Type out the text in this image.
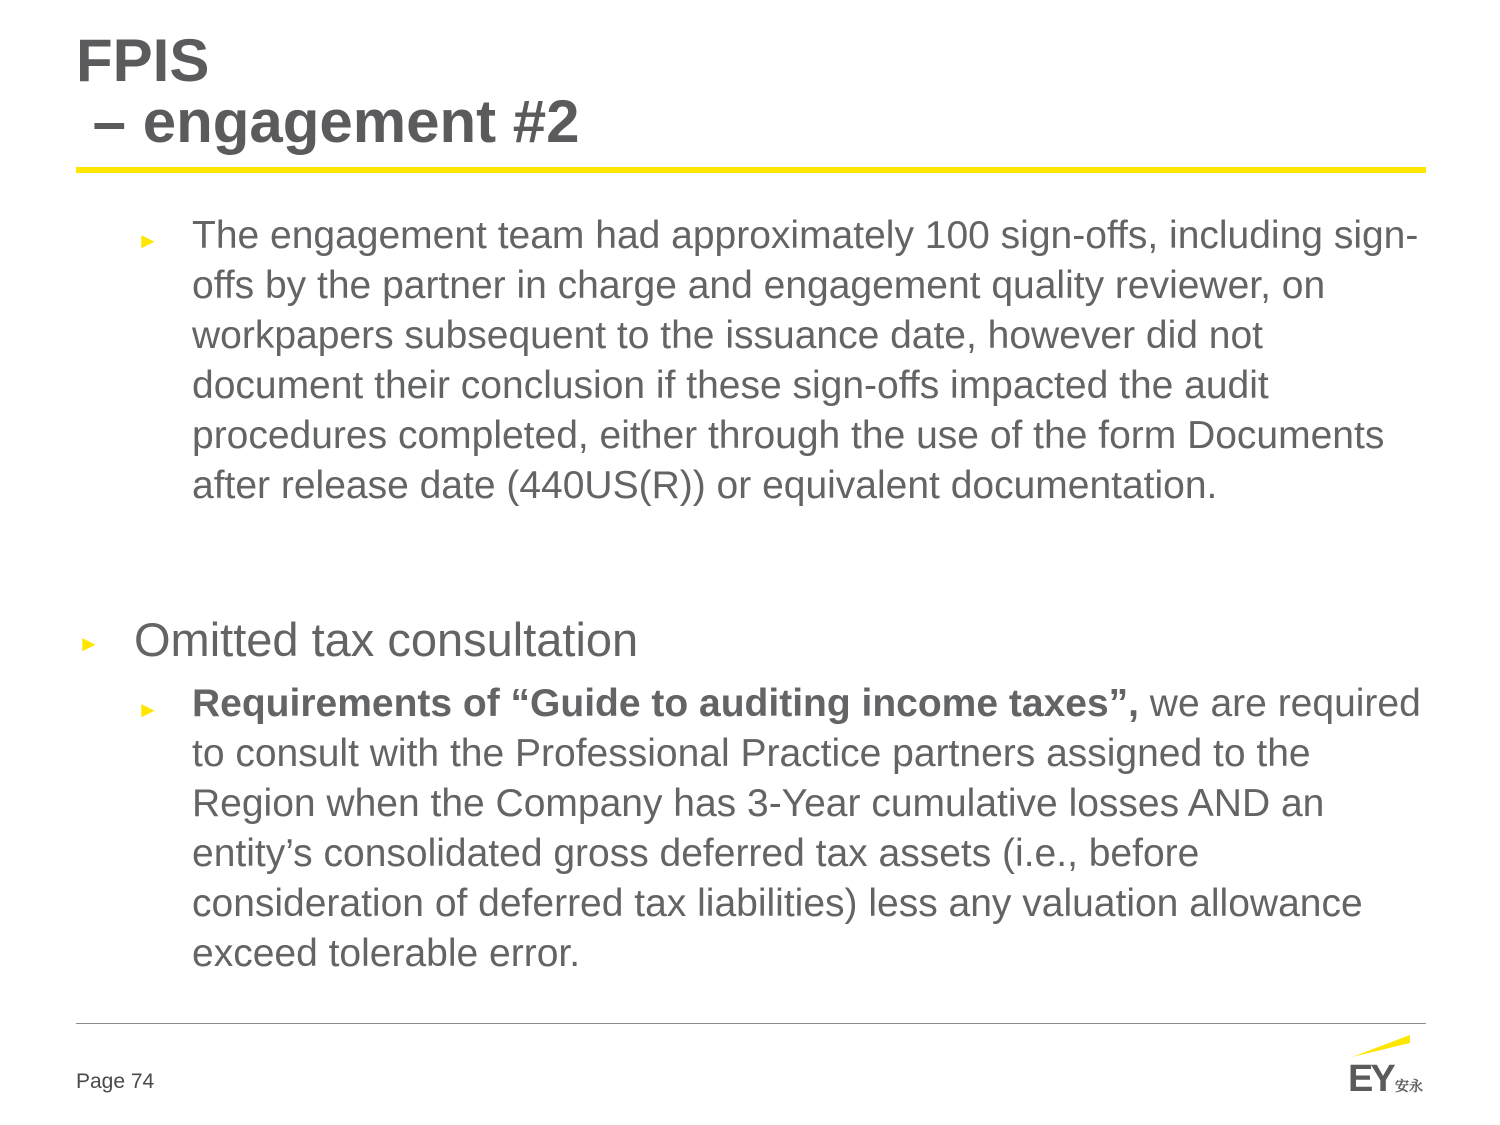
FPIS
– engagement #2
► The engagement team had approximately 100 sign-offs, including sign-offs by the partner in charge and engagement quality reviewer, on workpapers subsequent to the issuance date, however did not document their conclusion if these sign-offs impacted the audit procedures completed, either through the use of the form Documents after release date (440US(R)) or equivalent documentation.

► Omitted tax consultation

► Requirements of “Guide to auditing income taxes”, we are required to consult with the Professional Practice partners assigned to the Region when the Company has 3-Year cumulative losses AND an entity’s consolidated gross deferred tax assets (i.e., before consideration of deferred tax liabilities) less any valuation allowance exceed tolerable error.

Page 74	EY 安永
